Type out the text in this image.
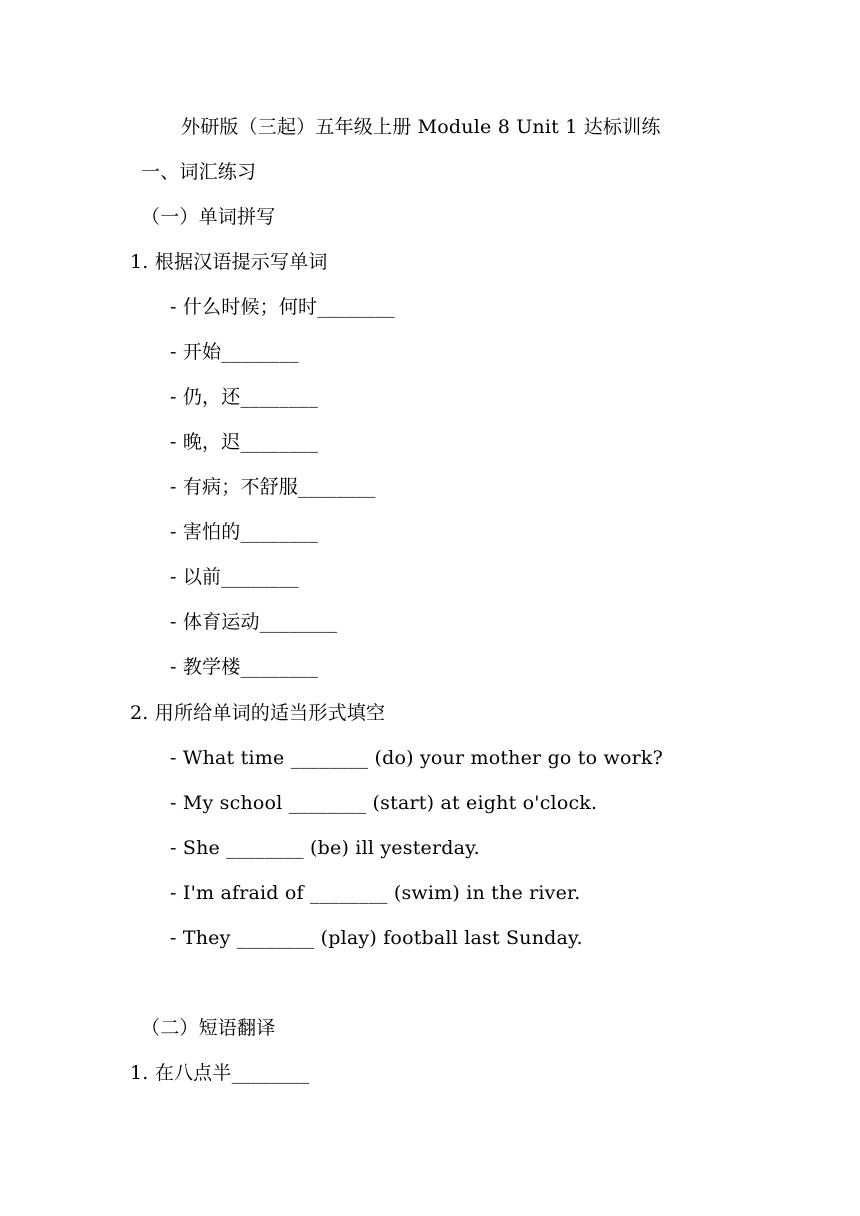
外研版（三起）五年级上册 Module 8 Unit 1 达标训练
一、词汇练习
（一）单词拼写
1. 根据汉语提示写单词
- 什么时候；何时________
- 开始________
- 仍，还________
- 晚，迟________
- 有病；不舒服________
- 害怕的________
- 以前________
- 体育运动________
- 教学楼________
2. 用所给单词的适当形式填空
- What time ________ (do) your mother go to work?
- My school ________ (start) at eight o'clock.
- She ________ (be) ill yesterday.
- I'm afraid of ________ (swim) in the river.
- They ________ (play) football last Sunday.
（二）短语翻译
1. 在八点半________
